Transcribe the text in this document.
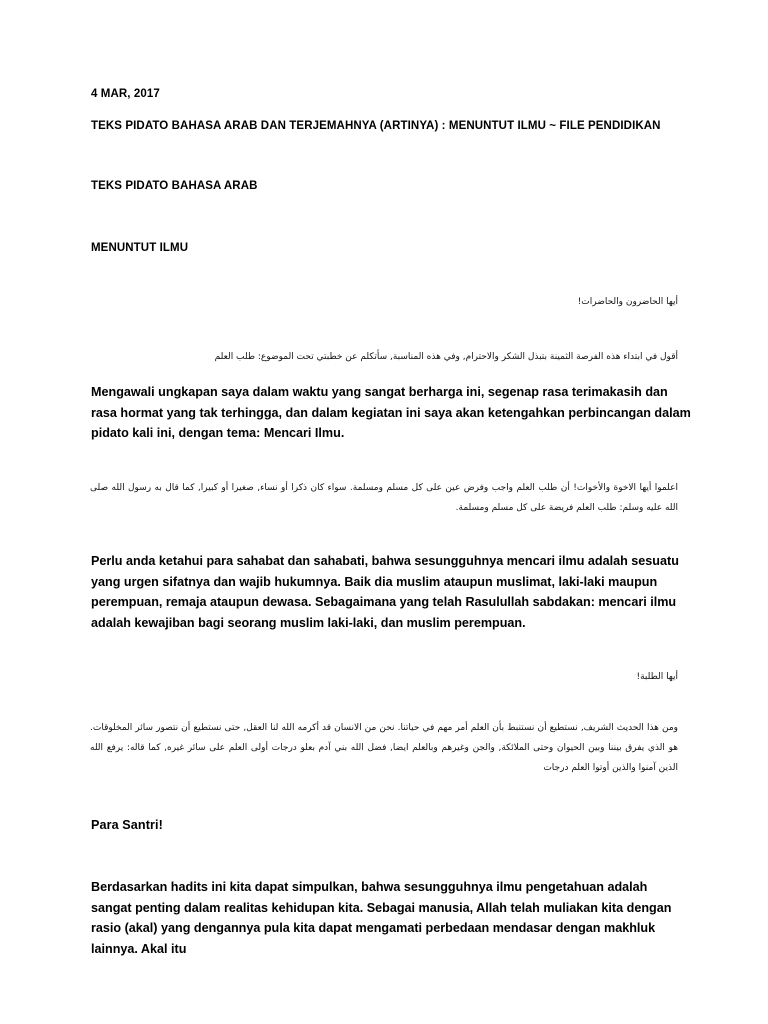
4 MAR, 2017
TEKS PIDATO BAHASA ARAB DAN TERJEMAHNYA (ARTINYA) : MENUNTUT ILMU ~ FILE PENDIDIKAN
TEKS PIDATO BAHASA ARAB
MENUNTUT ILMU

أيها الحاضرون والحاضرات!

أقول في ابتداء هذه الفرصة الثمينة بتبذل الشكر والاحترام, وفي هذه المناسبة, سأتكلم عن خطبتي تحت الموضوع: طلب العلم

Mengawali ungkapan saya dalam waktu yang sangat berharga ini, segenap rasa terimakasih dan rasa hormat yang tak terhingga, dan dalam kegiatan ini saya akan ketengahkan perbincangan dalam pidato kali ini, dengan tema: Mencari Ilmu.

اعلموا أيها الاخوة والأخوات! أن طلب العلم واجب وفرض عين على كل مسلم ومسلمة. سواء كان ذكرا أو نساء, صغيرا أو كبيرا, كما قال به رسول الله صلى الله عليه وسلم: طلب العلم فريضة على كل مسلم ومسلمة.

Perlu anda ketahui para sahabat dan sahabati, bahwa sesungguhnya mencari ilmu adalah sesuatu yang urgen sifatnya dan wajib hukumnya. Baik dia muslim ataupun muslimat, laki-laki maupun perempuan, remaja ataupun dewasa. Sebagaimana yang telah Rasulullah sabdakan: mencari ilmu adalah kewajiban bagi seorang muslim laki-laki, dan muslim perempuan.

أيها الطلبة!

ومن هذا الحديث الشريف, نستطيع أن نستنبط بأن العلم أمر مهم في حياتنا. نحن من الانسان قد أكرمه الله لنا العقل, حتى نستطيع أن نتصور سائر المخلوقات. هو الذي يفرق بيننا وبين الحيوان وحتى الملائكة, والجن وغيرهم وبالعلم ايضا, فضل الله بني آدم بعلو درجات أولى العلم على سائر غيره, كما قاله: يرفع الله الذين آمنوا والذين أوتوا العلم درجات

Para Santri!

Berdasarkan hadits ini kita dapat simpulkan, bahwa sesungguhnya ilmu pengetahuan adalah sangat penting dalam realitas kehidupan kita. Sebagai manusia, Allah telah muliakan kita dengan rasio (akal) yang dengannya pula kita dapat mengamati perbedaan mendasar dengan makhluk lainnya. Akal itu
